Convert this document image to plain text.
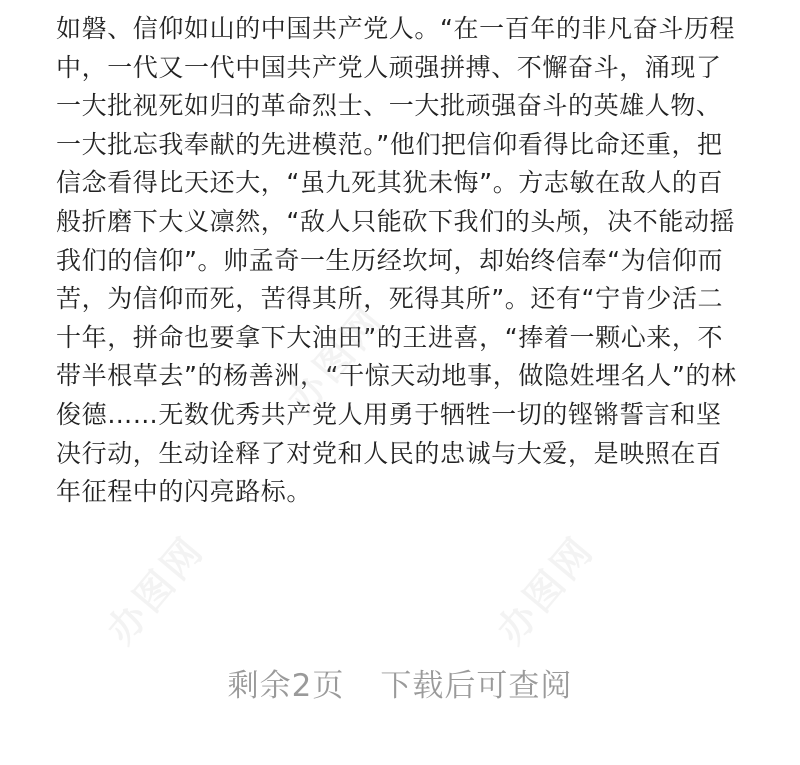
如磐、信仰如山的中国共产党人。“在一百年的非凡奋斗历程
中，一代又一代中国共产党人顽强拼搏、不懈奋斗，涌现了
一大批视死如归的革命烈士、一大批顽强奋斗的英雄人物、
一大批忘我奉献的先进模范。”他们把信仰看得比命还重，把
信念看得比天还大，“虽九死其犹未悔”。方志敏在敌人的百
般折磨下大义凛然，“敌人只能砍下我们的头颅，决不能动摇
我们的信仰”。帅孟奇一生历经坎坷，却始终信奉“为信仰而
苦，为信仰而死，苦得其所，死得其所”。还有“宁肯少活二
十年，拼命也要拿下大油田”的王进喜，“捧着一颗心来，不
带半根草去”的杨善洲，“干惊天动地事，做隐姓埋名人”的林
俊德……无数优秀共产党人用勇于牺牲一切的铿锵誓言和坚
决行动，生动诠释了对党和人民的忠诚与大爱，是映照在百
年征程中的闪亮路标。
办图网
办图网
办图网
剩余2页 下载后可查阅
